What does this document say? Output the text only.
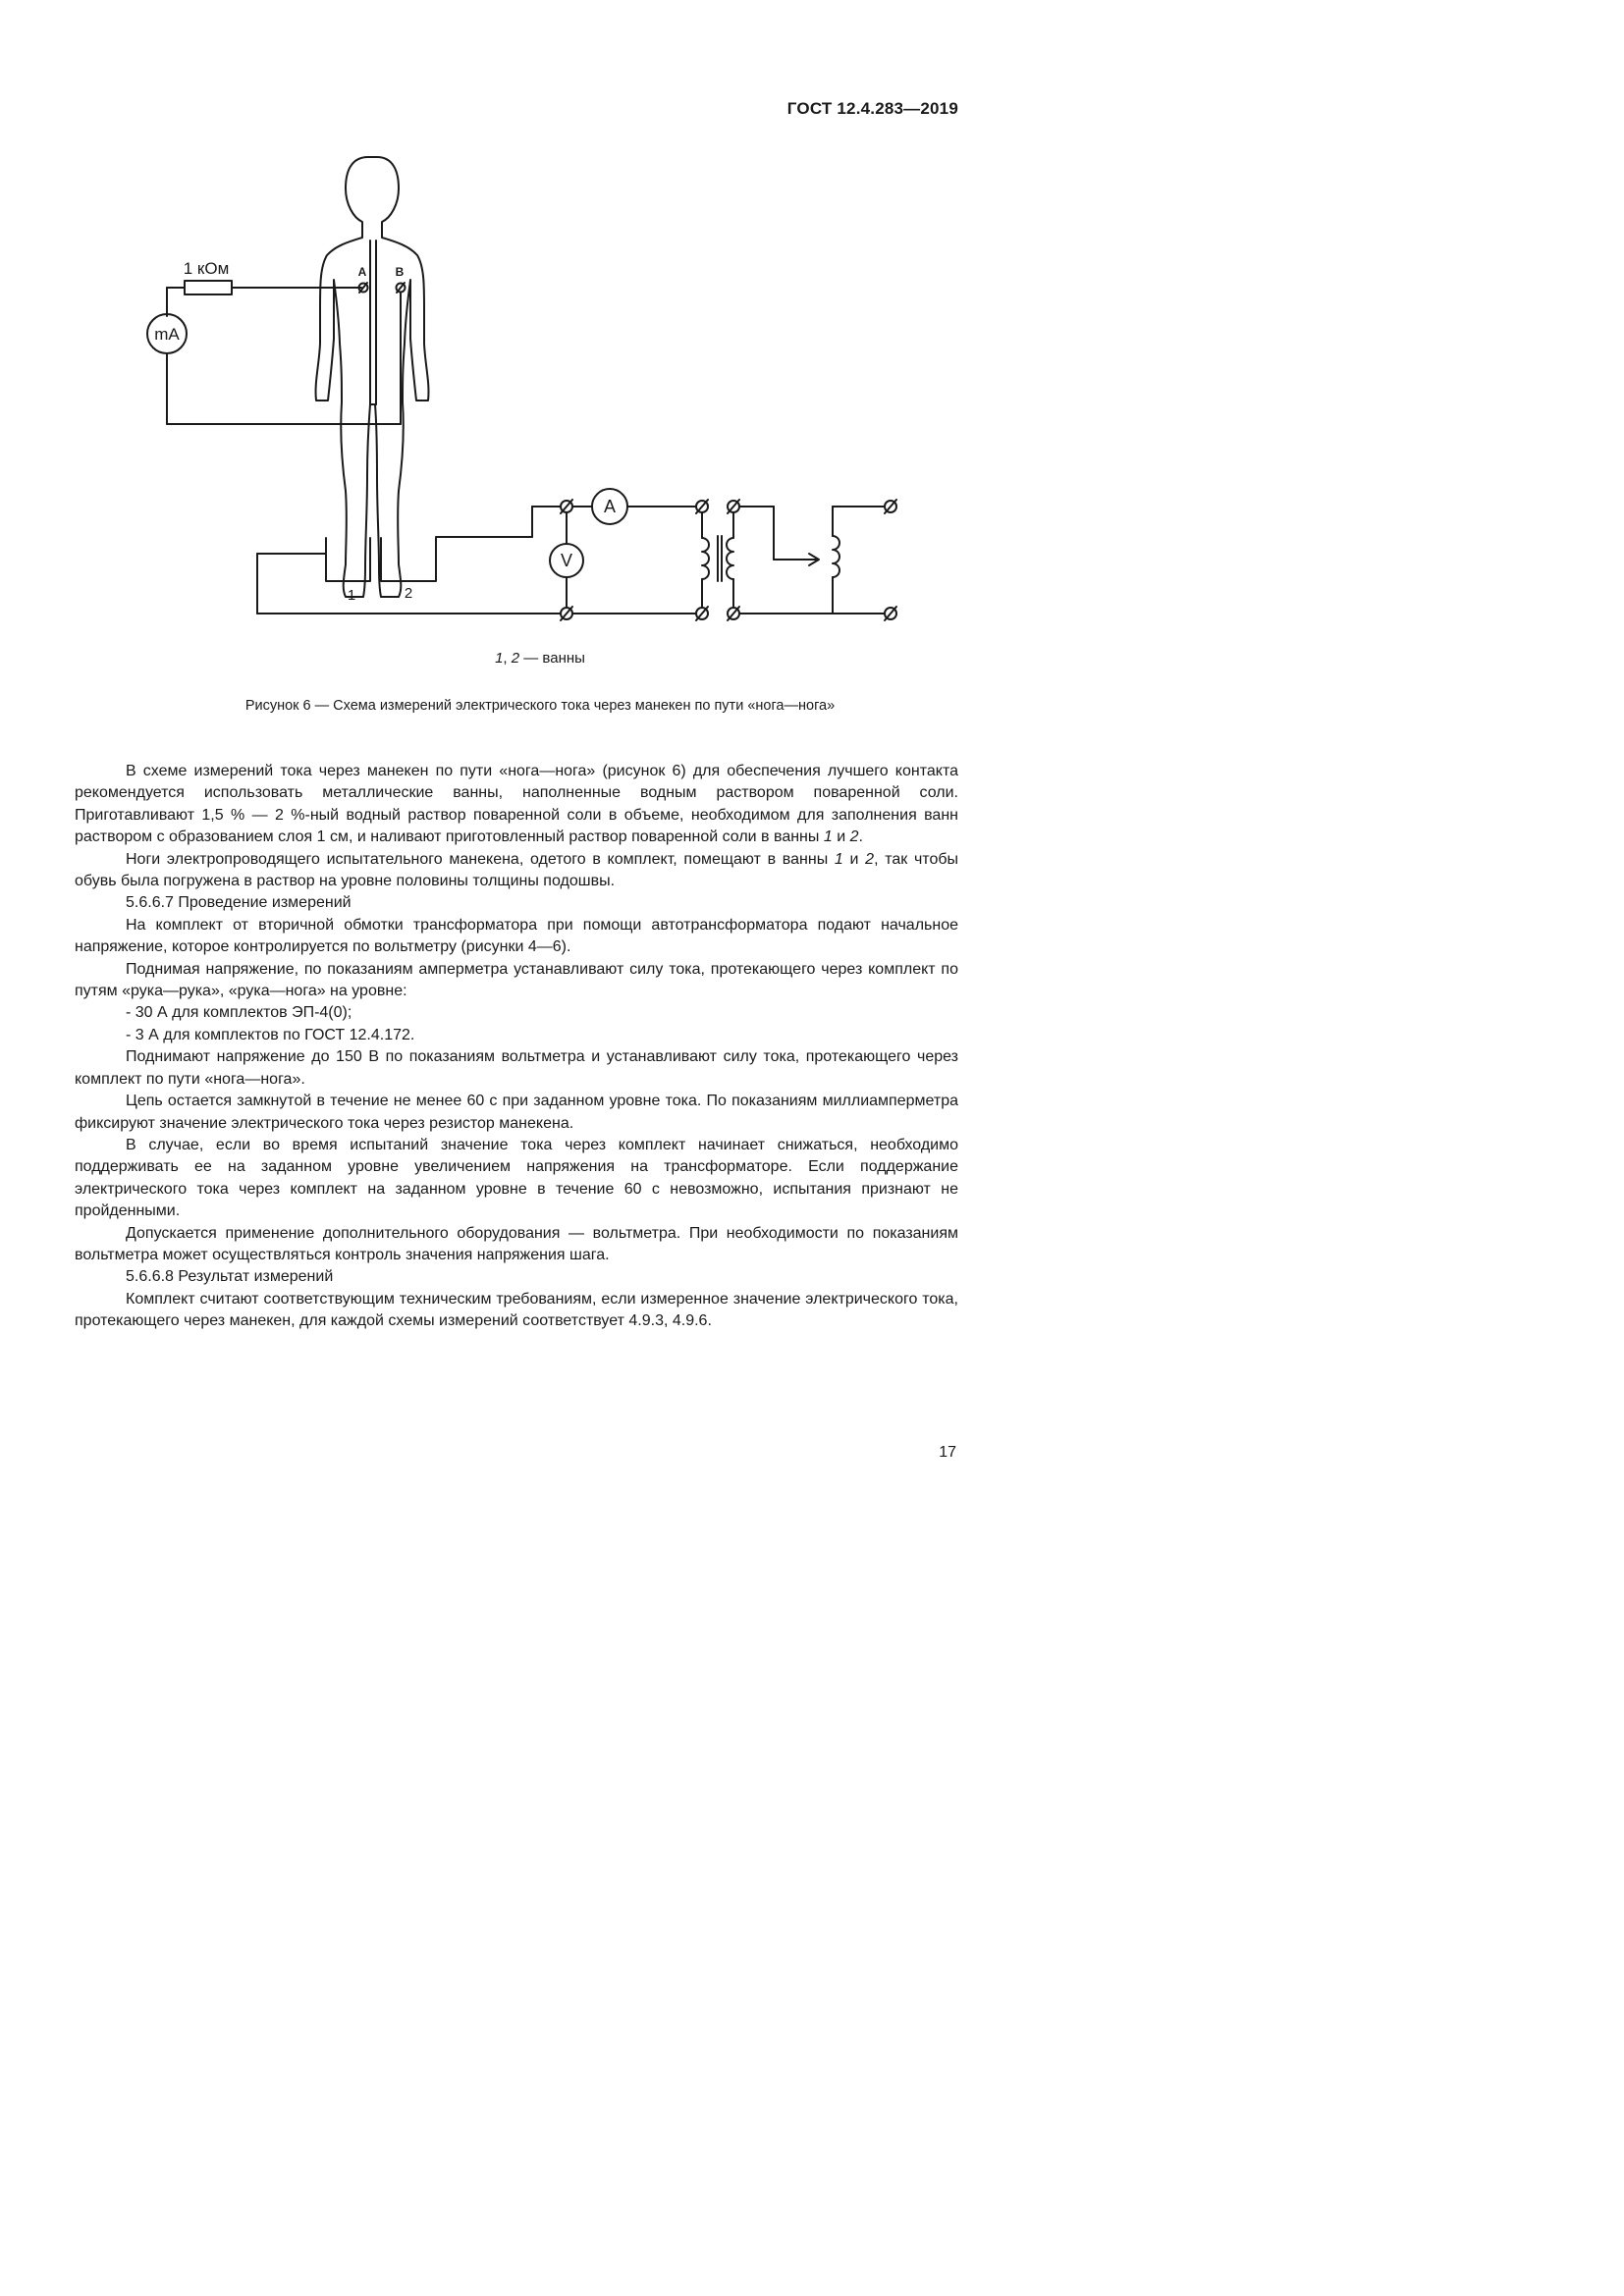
ГОСТ 12.4.283—2019
1 кОм
mA
A B
A
V
1	2
1, 2 — ванны
Рисунок 6 — Схема измерений электрического тока через манекен по пути «нога—нога»

В схеме измерений тока через манекен по пути «нога—нога» (рисунок 6) для обеспечения лучшего контакта рекомендуется использовать металлические ванны, наполненные водным раствором поваренной соли. Приготавливают 1,5 % — 2 %-ный водный раствор поваренной соли в объеме, необходимом для заполнения ванн раствором с образованием слоя 1 см, и наливают приготовленный раствор поваренной соли в ванны 1 и 2.

Ноги электропроводящего испытательного манекена, одетого в комплект, помещают в ванны 1 и 2, так чтобы обувь была погружена в раствор на уровне половины толщины подошвы.

5.6.6.7 Проведение измерений

На комплект от вторичной обмотки трансформатора при помощи автотрансформатора подают начальное напряжение, которое контролируется по вольтметру (рисунки 4—6).

Поднимая напряжение, по показаниям амперметра устанавливают силу тока, протекающего через комплект по путям «рука—рука», «рука—нога» на уровне:

- 30 А для комплектов ЭП-4(0);

- 3 А для комплектов по ГОСТ 12.4.172.

Поднимают напряжение до 150 В по показаниям вольтметра и устанавливают силу тока, протекающего через комплект по пути «нога—нога».

Цепь остается замкнутой в течение не менее 60 с при заданном уровне тока. По показаниям миллиамперметра фиксируют значение электрического тока через резистор манекена.

В случае, если во время испытаний значение тока через комплект начинает снижаться, необходимо поддерживать ее на заданном уровне увеличением напряжения на трансформаторе. Если поддержание электрического тока через комплект на заданном уровне в течение 60 с невозможно, испытания признают не пройденными.

Допускается применение дополнительного оборудования — вольтметра. При необходимости по показаниям вольтметра может осуществляться контроль значения напряжения шага.

5.6.6.8 Результат измерений

Комплект считают соответствующим техническим требованиям, если измеренное значение электрического тока, протекающего через манекен, для каждой схемы измерений соответствует 4.9.3, 4.9.6.

17
